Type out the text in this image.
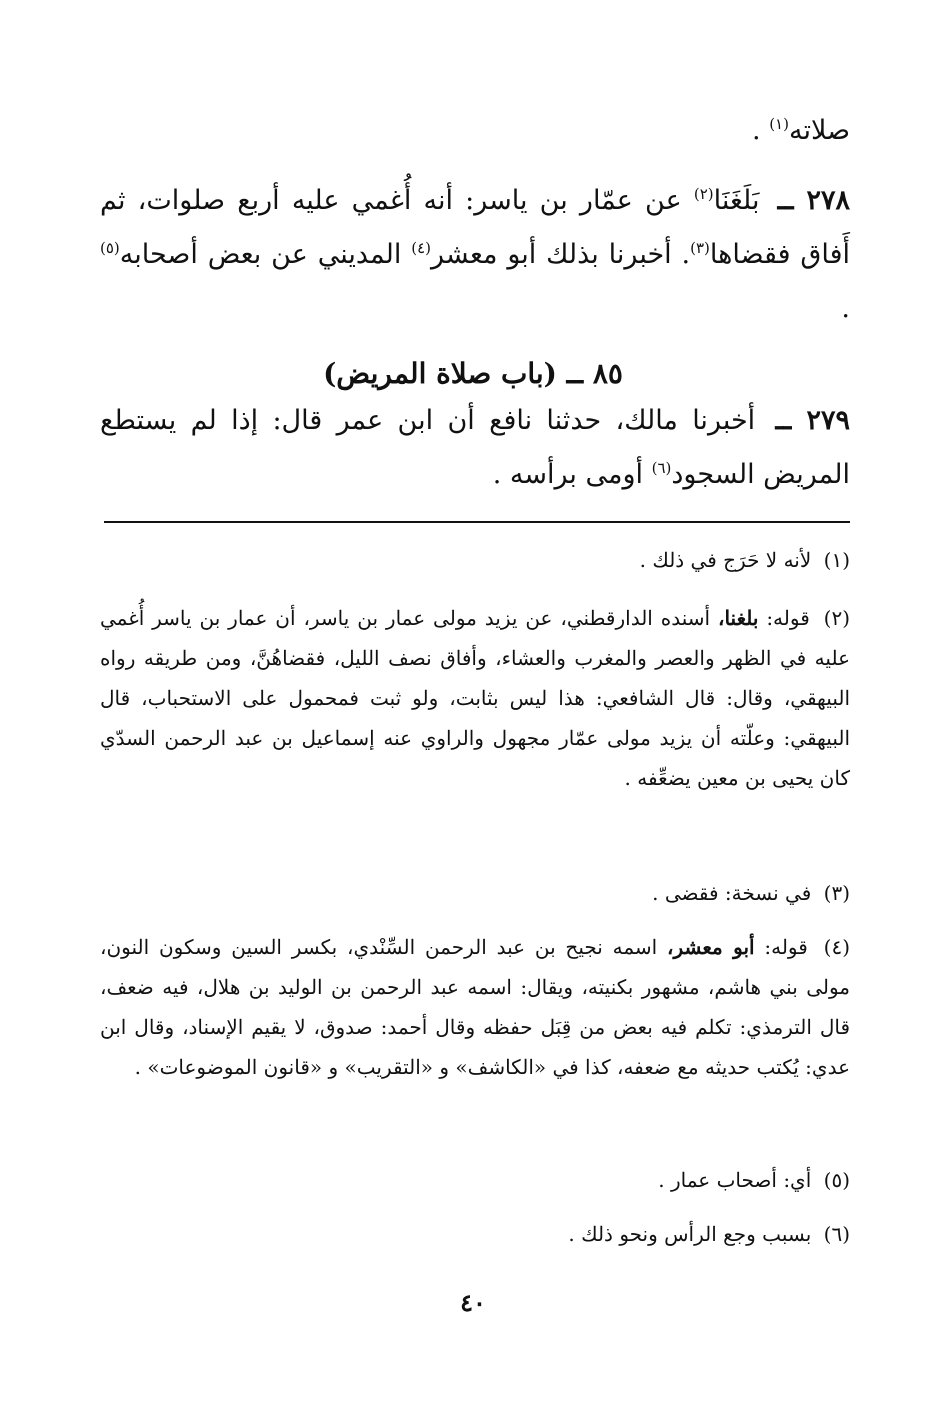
صلاته$^{(١)}$ .
٢٧٨ ــ بَلَغَنَا$^{(٢)}$ عن عمّار بن ياسر: أنه أُغمي عليه أربع صلوات، ثم أَفاق فقضاها$^{(٣)}$. أخبرنا بذلك أبو معشر$^{(٤)}$ المديني عن بعض أصحابه$^{(٥)}$ .
٨٥ ــ (باب صلاة المريض)
٢٧٩ ــ أخبرنا مالك، حدثنا نافع أن ابن عمر قال: إذا لم يستطع المريض السجود$^{(٦)}$ أومى برأسه .
(١) لأنه لا حَرَج في ذلك .
(٢) قوله: بلغنا، أسنده الدارقطني، عن يزيد مولى عمار بن ياسر، أن عمار بن ياسر أُغمي عليه في الظهر والعصر والمغرب والعشاء، وأفاق نصف الليل، فقضاهُنَّ، ومن طريقه رواه البيهقي، وقال: قال الشافعي: هذا ليس بثابت، ولو ثبت فمحمول على الاستحباب، قال البيهقي: وعلّته أن يزيد مولى عمّار مجهول والراوي عنه إسماعيل بن عبد الرحمن السدّي كان يحيى بن معين يضعِّفه .
(٣) في نسخة: فقضى .
(٤) قوله: أبو معشر، اسمه نجيح بن عبد الرحمن السِّنْدي، بكسر السين وسكون النون، مولى بني هاشم، مشهور بكنيته، ويقال: اسمه عبد الرحمن بن الوليد بن هلال، فيه ضعف، قال الترمذي: تكلم فيه بعض من قِبَل حفظه وقال أحمد: صدوق، لا يقيم الإسناد، وقال ابن عدي: يُكتب حديثه مع ضعفه، كذا في «الكاشف» و «التقريب» و «قانون الموضوعات» .
(٥) أي: أصحاب عمار .
(٦) بسبب وجع الرأس ونحو ذلك .
٤٠
